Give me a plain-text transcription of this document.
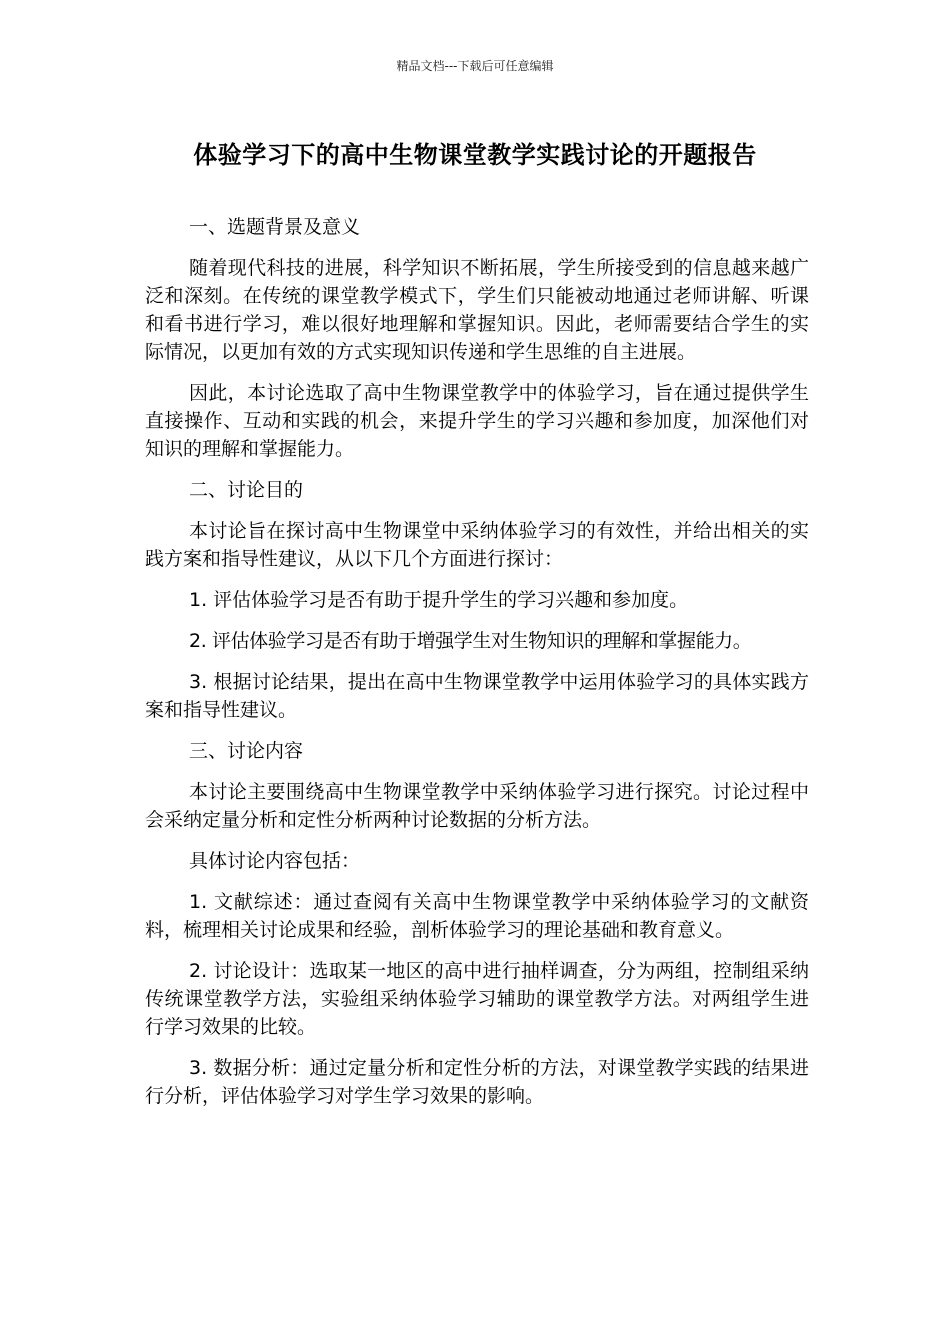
精品文档---下载后可任意编辑
体验学习下的高中生物课堂教学实践讨论的开题报告

一、选题背景及意义

随着现代科技的进展，科学知识不断拓展，学生所接受到的信息越来越广泛和深刻。在传统的课堂教学模式下，学生们只能被动地通过老师讲解、听课和看书进行学习，难以很好地理解和掌握知识。因此，老师需要结合学生的实际情况，以更加有效的方式实现知识传递和学生思维的自主进展。

因此，本讨论选取了高中生物课堂教学中的体验学习，旨在通过提供学生直接操作、互动和实践的机会，来提升学生的学习兴趣和参加度，加深他们对知识的理解和掌握能力。

二、讨论目的

本讨论旨在探讨高中生物课堂中采纳体验学习的有效性，并给出相关的实践方案和指导性建议，从以下几个方面进行探讨：

1. 评估体验学习是否有助于提升学生的学习兴趣和参加度。

2. 评估体验学习是否有助于增强学生对生物知识的理解和掌握能力。

3. 根据讨论结果，提出在高中生物课堂教学中运用体验学习的具体实践方案和指导性建议。

三、讨论内容

本讨论主要围绕高中生物课堂教学中采纳体验学习进行探究。讨论过程中会采纳定量分析和定性分析两种讨论数据的分析方法。

具体讨论内容包括：

1. 文献综述：通过查阅有关高中生物课堂教学中采纳体验学习的文献资料，梳理相关讨论成果和经验，剖析体验学习的理论基础和教育意义。

2. 讨论设计：选取某一地区的高中进行抽样调查，分为两组，控制组采纳传统课堂教学方法，实验组采纳体验学习辅助的课堂教学方法。对两组学生进行学习效果的比较。

3. 数据分析：通过定量分析和定性分析的方法，对课堂教学实践的结果进行分析，评估体验学习对学生学习效果的影响。
